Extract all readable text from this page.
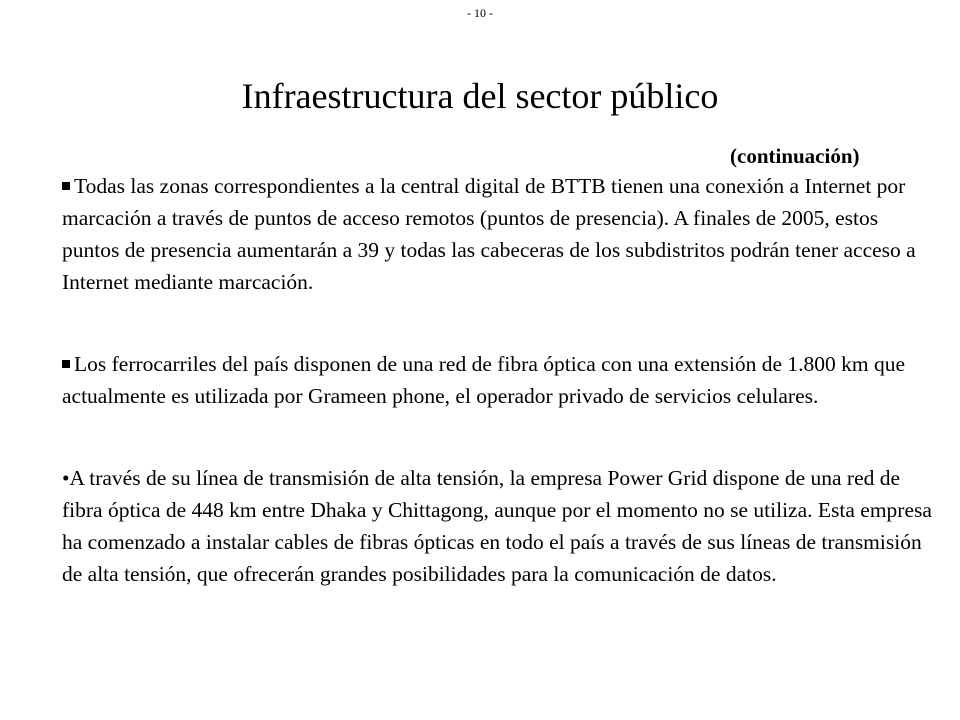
- 10 -
Infraestructura del sector público
(continuación)

Todas las zonas correspondientes a la central digital de BTTB tienen una conexión a Internet por marcación a través de puntos de acceso remotos (puntos de presencia). A finales de 2005, estos puntos de presencia aumentarán a 39 y todas las cabeceras de los subdistritos podrán tener acceso a Internet mediante marcación.

Los ferrocarriles del país disponen de una red de fibra óptica con una extensión de 1.800 km que actualmente es utilizada por Grameen phone, el operador privado de servicios celulares.

•A través de su línea de transmisión de alta tensión, la empresa Power Grid dispone de una red de fibra óptica de 448 km entre Dhaka y Chittagong, aunque por el momento no se utiliza. Esta empresa ha comenzado a instalar cables de fibras ópticas en todo el país a través de sus líneas de transmisión de alta tensión, que ofrecerán grandes posibilidades para la comunicación de datos.
